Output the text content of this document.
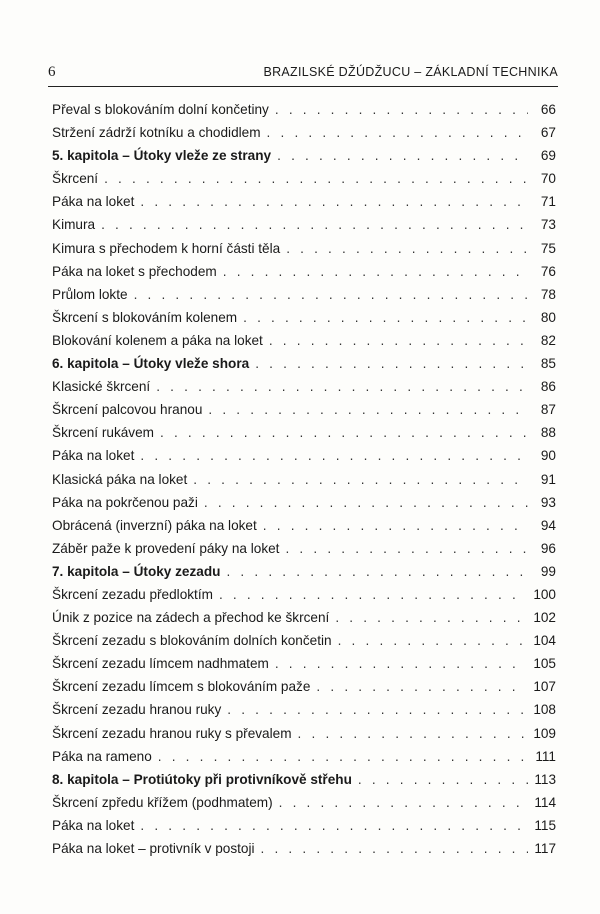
6	BRAZILSKÉ DŽÚDŽUCU – ZÁKLADNÍ TECHNIKA
Převal s blokováním dolní končetiny . . .	66
Stržení zádrží kotníku a chodidlem . . .	67
5. kapitola – Útoky vleže ze strany . . .	69
Škrcení . . .	70
Páka na loket . . .	71
Kimura . . .	73
Kimura s přechodem k horní části těla . . .	75
Páka na loket s přechodem . . .	76
Průlom lokte . . .	78
Škrcení s blokováním kolenem . . .	80
Blokování kolenem a páka na loket . . .	82
6. kapitola – Útoky vleže shora . . .	85
Klasické škrcení . . .	86
Škrcení palcovou hranou . . .	87
Škrcení rukávem . . .	88
Páka na loket . . .	90
Klasická páka na loket . . .	91
Páka na pokrčenou paži . . .	93
Obrácená (inverzní) páka na loket . . .	94
Záběr paže k provedení páky na loket . . .	96
7. kapitola – Útoky zezadu . . .	99
Škrcení zezadu předloktím . . .	100
Únik z pozice na zádech a přechod ke škrcení . . .	102
Škrcení zezadu s blokováním dolních končetin . . .	104
Škrcení zezadu límcem nadhmatem . . .	105
Škrcení zezadu límcem s blokováním paže . . .	107
Škrcení zezadu hranou ruky . . .	108
Škrcení zezadu hranou ruky s převalem . . .	109
Páka na rameno . . .	111
8. kapitola – Protiútoky při protivníkově střehu . . .	113
Škrcení zpředu křížem (podhmatem) . . .	114
Páka na loket . . .	115
Páka na loket – protivník v postoji . . .	117
